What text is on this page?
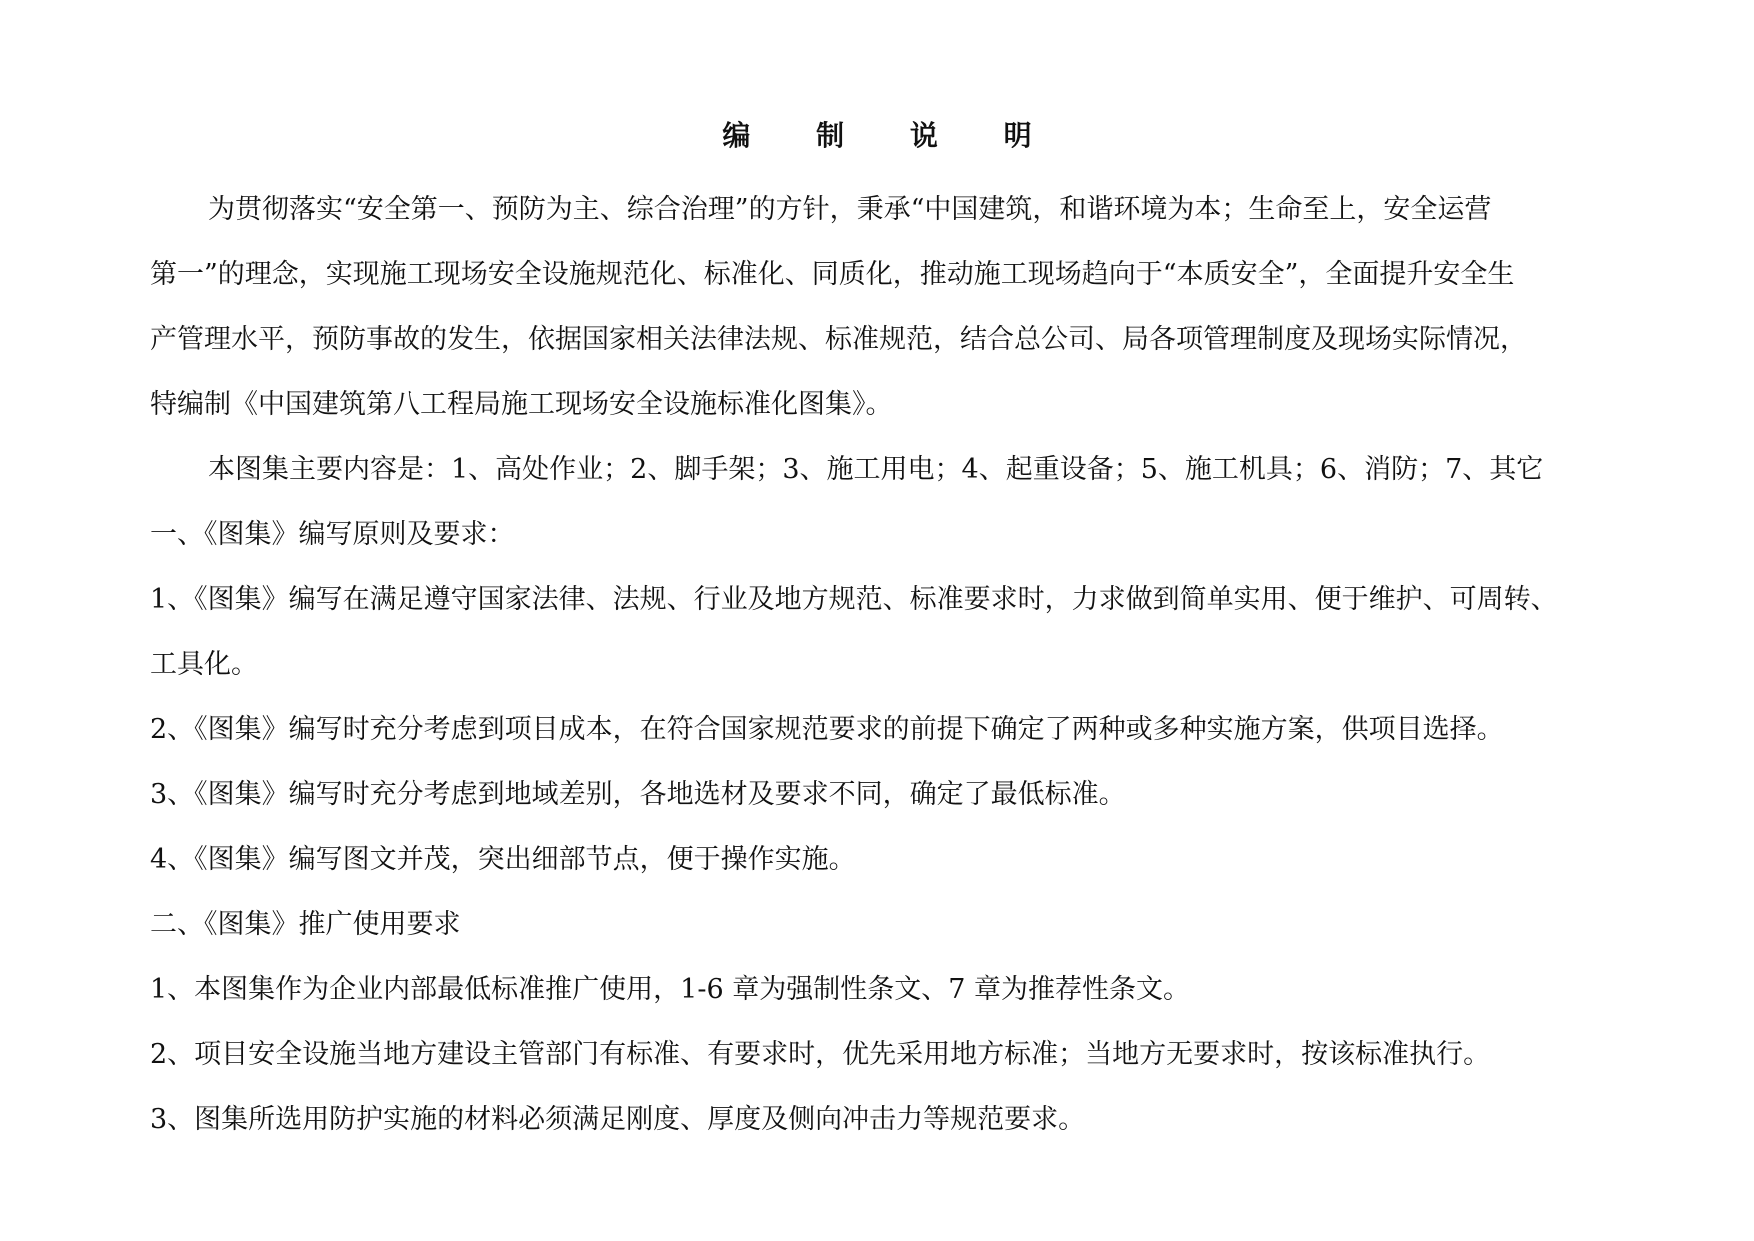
编 制 说 明

为贯彻落实“安全第一、预防为主、综合治理”的方针，秉承“中国建筑，和谐环境为本；生命至上，安全运营

第一”的理念，实现施工现场安全设施规范化、标准化、同质化，推动施工现场趋向于“本质安全”，全面提升安全生

产管理水平，预防事故的发生，依据国家相关法律法规、标准规范，结合总公司、局各项管理制度及现场实际情况，

特编制《中国建筑第八工程局施工现场安全设施标准化图集》。

本图集主要内容是：1、高处作业；2、脚手架；3、施工用电；4、起重设备；5、施工机具；6、消防；7、其它

一、《图集》编写原则及要求：

1、《图集》编写在满足遵守国家法律、法规、行业及地方规范、标准要求时，力求做到简单实用、便于维护、可周转、

工具化。

2、《图集》编写时充分考虑到项目成本，在符合国家规范要求的前提下确定了两种或多种实施方案，供项目选择。

3、《图集》编写时充分考虑到地域差别，各地选材及要求不同，确定了最低标准。

4、《图集》编写图文并茂，突出细部节点，便于操作实施。

二、《图集》推广使用要求

1、本图集作为企业内部最低标准推广使用，1-6 章为强制性条文、7 章为推荐性条文。

2、项目安全设施当地方建设主管部门有标准、有要求时，优先采用地方标准；当地方无要求时，按该标准执行。

3、图集所选用防护实施的材料必须满足刚度、厚度及侧向冲击力等规范要求。
